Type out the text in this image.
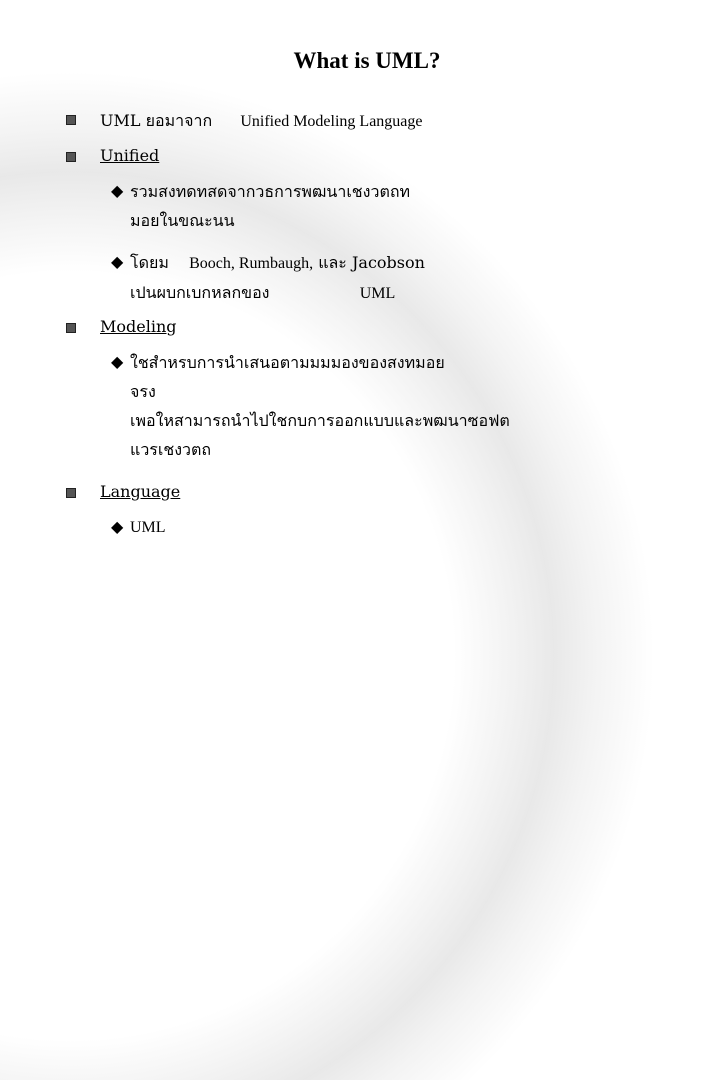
What is UML?
UML ยอมาจาก Unified Modeling Language
Unified
◆ รวมสงทดทสดจากวธการพฒนาเชงวตถท
มอยในขณะนน
◆ โดยม Booch, Rumbaugh, และ Jacobson
เปนผบกเบกหลกของ	UML
Modeling
◆ ใชสำหรบการนำเสนอตามมมมองของสงทมอย
จรง
เพอใหสามารถนำไปใชกบการออกแบบและพฒนาซอฟต
แวรเชงวตถ
Language
◆ UML
